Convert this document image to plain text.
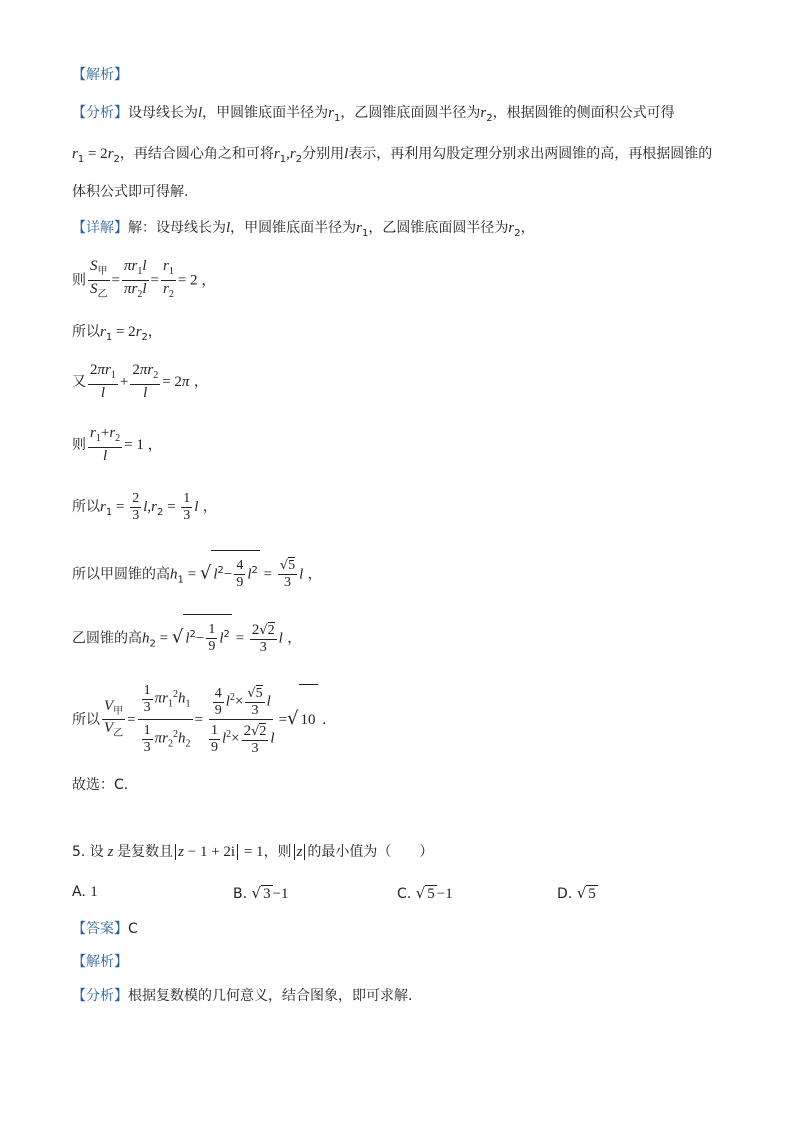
【解析】
【分析】设母线长为l，甲圆锥底面半径为$r_1$，乙圆锥底面圆半径为$r_2$，根据圆锥的侧面积公式可得
$r_1 = 2r_2$，再结合圆心角之和可将$r_1,r_2$分别用l表示，再利用勾股定理分别求出两圆锥的高，再根据圆锥的
体积公式即可得解.
【详解】解：设母线长为l，甲圆锥底面半径为$r_1$，乙圆锥底面圆半径为$r_2$，
则 $\frac{S_甲}{S_乙} = \frac{\pi r_1l}{\pi r_2l} = \frac{r_1}{r_2} = 2$ ，
所以$r_1 = 2r_2$，
又 $\frac{2\pi r_1}{l} + \frac{2\pi r_2}{l} = 2\pi$ ，
则 $\frac{r_1+r_2}{l} = 1$ ，
所以$r_1 = \frac{2}{3} l,r_2 = \frac{1}{3}$ l ，
所以甲圆锥的高$h_1$ = √ $l^2- \frac{4}{9} l^2 = \frac{√5}{3}$ l ，
乙圆锥的高$h_2$ = √ $l^2- \frac{1}{9} l^2 = \frac{2√2}{3}$ l ，
所以 $\frac{V_甲}{V_乙} = \frac{\frac{1}{3} \pi r_1^2h_1}{\frac{1}{3} \pi r_2^2h_2} = \frac{\frac{4}{9} l^2\times \frac{√5}{3} l}{\frac{1}{9} l^2\times \frac{2√2}{3} l}$ =√ 10 .
故选：C.
5. 设 z 是复数且 z − 1 + 2i = 1，则 z 的最小值为（　　）
A. 1	B. √ 3 −1	C. √ 5 −1	D. √ 5
【答案】C
【解析】
【分析】根据复数模的几何意义，结合图象，即可求解.
